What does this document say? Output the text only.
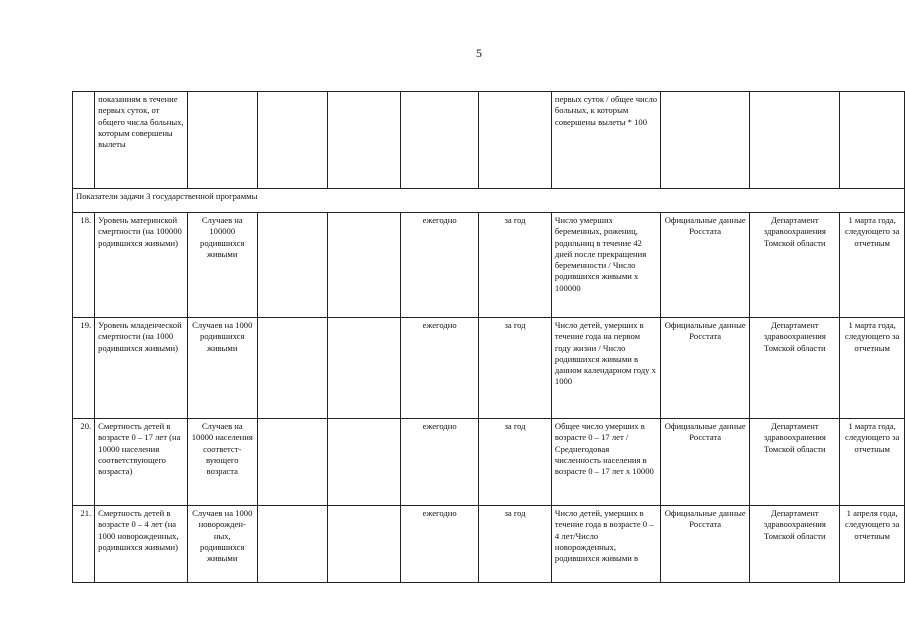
5
	показаниям в течение первых суток, от общего числа больных, которым совершены вылеты						первых суток / общее число больных, к которым совершены вылеты * 100			
Показатели задачи 3 государственной программы										
18.	Уровень материнской смертности (на 100000 родившихся живыми)	Случаев на 100000 родившихся живыми			ежегодно	за год	Число умерших беременных, рожениц, родильниц в течение 42 дней после прекращения беременности / Число родившихся живыми х 100000	Официальные данные Росстата	Департамент здравоохранения Томской области	1 марта года, следующего за отчетным
19.	Уровень младенческой смертности (на 1000 родившихся живыми)	Случаев на 1000 родившихся живыми			ежегодно	за год	Число детей, умерших в течение года на первом году жизни / Число родившихся живыми в данном календарном году х 1000	Официальные данные Росстата	Департамент здравоохранения Томской области	1 марта года, следующего за отчетным
20.	Смертность детей в возрасте 0 – 17 лет (на 10000 населения соответствующего возраста)	Случаев на 10000 населения соответст-вующего возраста			ежегодно	за год	Общее число умерших в возрасте 0 – 17 лет / Среднегодовая численность населения в возрасте 0 – 17 лет х 10000	Официальные данные Росстата	Департамент здравоохранения Томской области	1 марта года, следующего за отчетным
21.	Смертность детей в возрасте 0 – 4 лет (на 1000 новорожденных, родившихся живыми)	Случаев на 1000 новорожден-ных, родившихся живыми			ежегодно	за год	Число детей, умерших в течение года в возрасте 0 – 4 лет/Число новорожденных, родившихся живыми в	Официальные данные Росстата	Департамент здравоохранения Томской области	1 апреля года, следующего за отчетным
